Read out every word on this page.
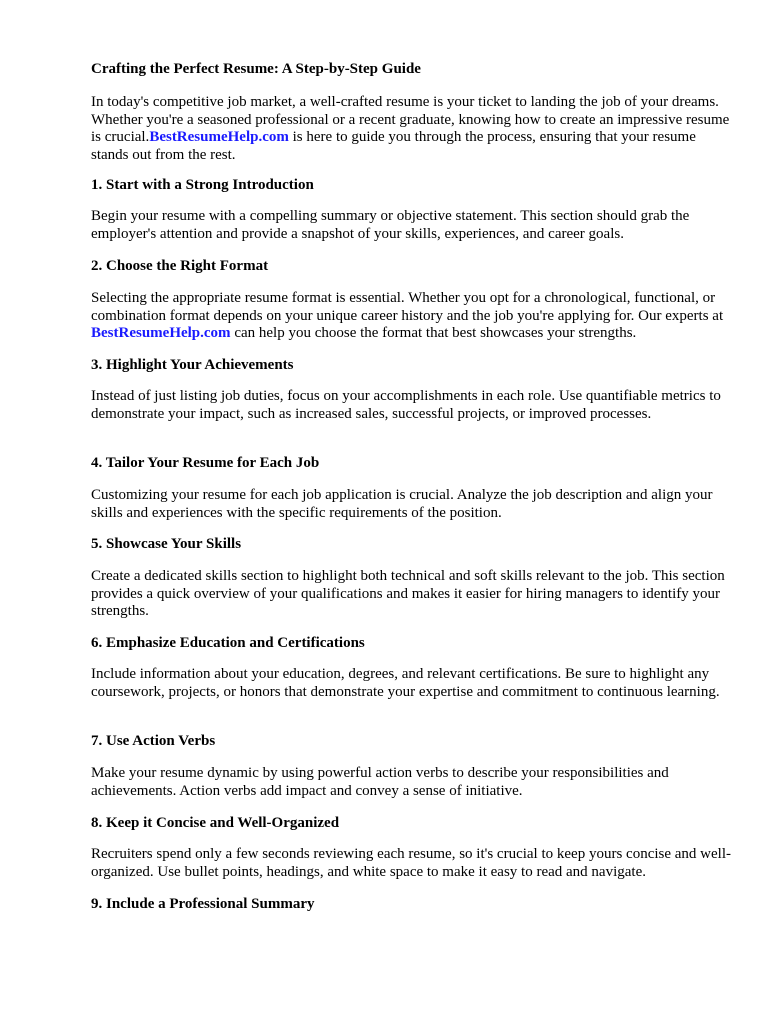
Crafting the Perfect Resume: A Step-by-Step Guide
In today's competitive job market, a well-crafted resume is your ticket to landing the job of your dreams. Whether you're a seasoned professional or a recent graduate, knowing how to create an impressive resume is crucial.BestResumeHelp.com is here to guide you through the process, ensuring that your resume stands out from the rest.
1. Start with a Strong Introduction
Begin your resume with a compelling summary or objective statement. This section should grab the employer's attention and provide a snapshot of your skills, experiences, and career goals.
2. Choose the Right Format
Selecting the appropriate resume format is essential. Whether you opt for a chronological, functional, or combination format depends on your unique career history and the job you're applying for. Our experts at BestResumeHelp.com can help you choose the format that best showcases your strengths.
3. Highlight Your Achievements
Instead of just listing job duties, focus on your accomplishments in each role. Use quantifiable metrics to demonstrate your impact, such as increased sales, successful projects, or improved processes.
4. Tailor Your Resume for Each Job
Customizing your resume for each job application is crucial. Analyze the job description and align your skills and experiences with the specific requirements of the position.
5. Showcase Your Skills
Create a dedicated skills section to highlight both technical and soft skills relevant to the job. This section provides a quick overview of your qualifications and makes it easier for hiring managers to identify your strengths.
6. Emphasize Education and Certifications
Include information about your education, degrees, and relevant certifications. Be sure to highlight any coursework, projects, or honors that demonstrate your expertise and commitment to continuous learning.
7. Use Action Verbs
Make your resume dynamic by using powerful action verbs to describe your responsibilities and achievements. Action verbs add impact and convey a sense of initiative.
8. Keep it Concise and Well-Organized
Recruiters spend only a few seconds reviewing each resume, so it's crucial to keep yours concise and well-organized. Use bullet points, headings, and white space to make it easy to read and navigate.
9. Include a Professional Summary
